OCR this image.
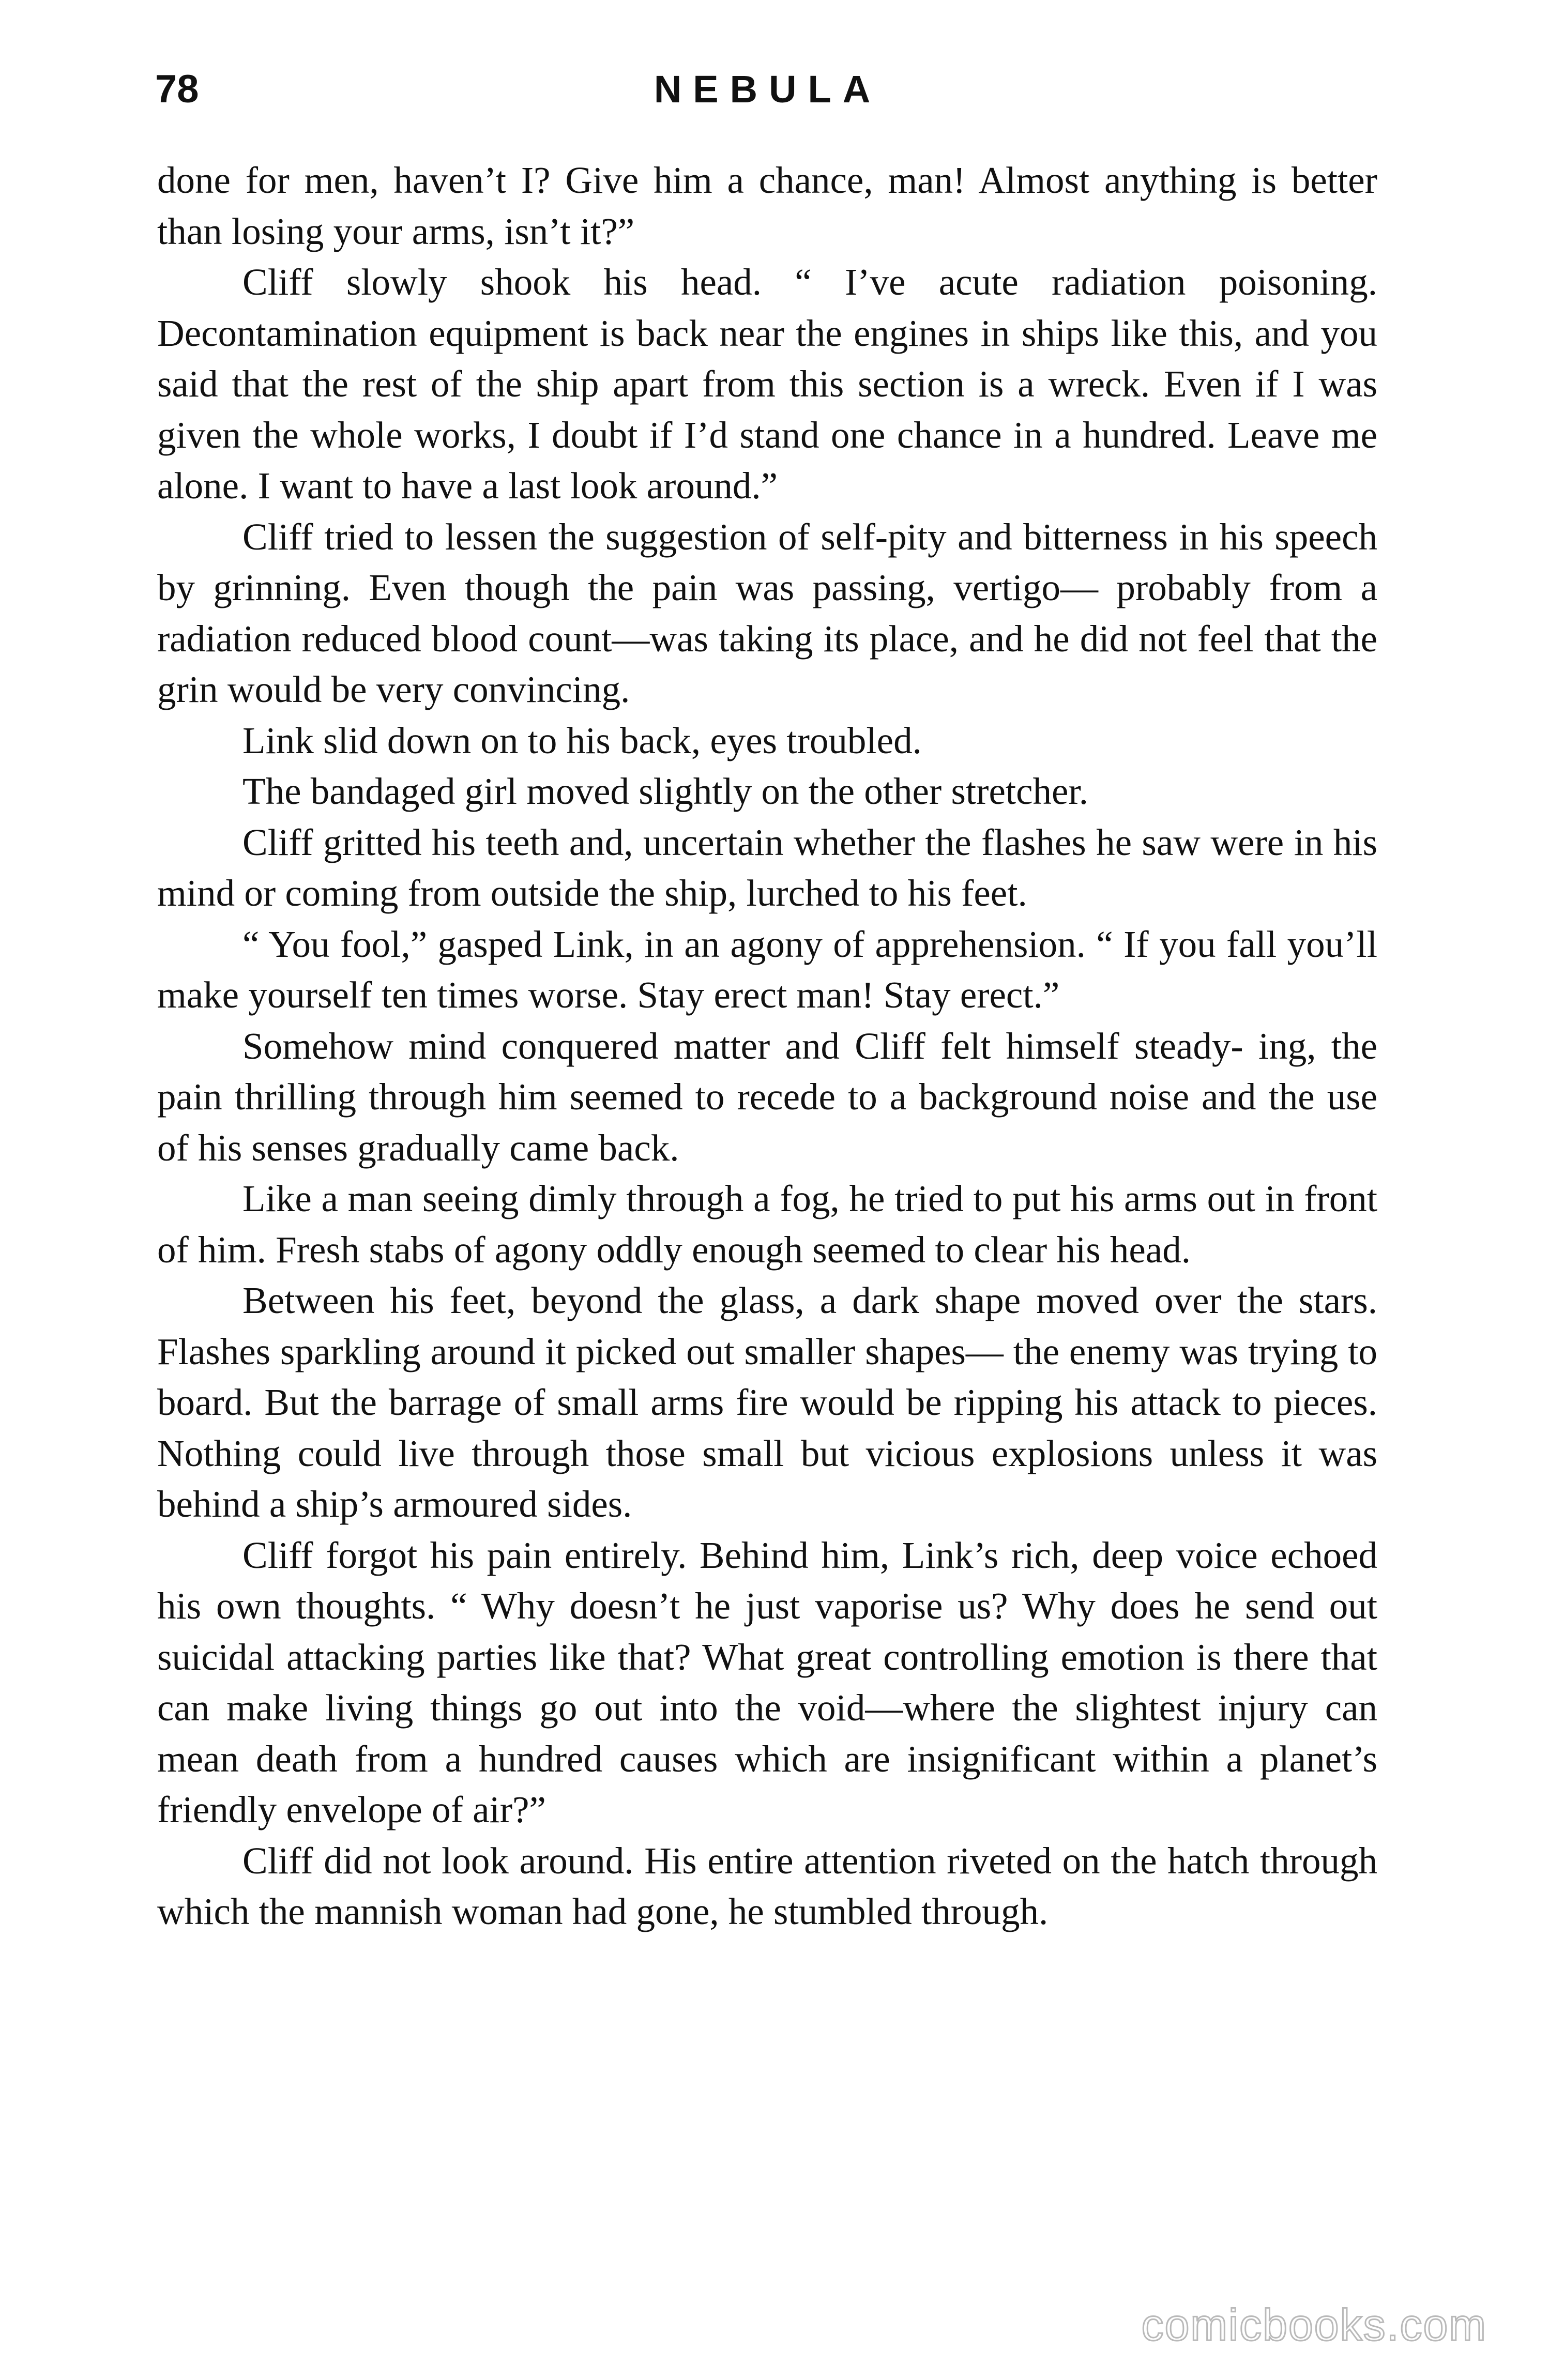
78	NEBULA

done for men, haven’t I? Give him a chance, man! Almost anything is better than losing your arms, isn’t it?”

Cliff slowly shook his head. “ I’ve acute radiation poisoning. Decontamination equipment is back near the engines in ships like this, and you said that the rest of the ship apart from this section is a wreck. Even if I was given the whole works, I doubt if I’d stand one chance in a hundred. Leave me alone. I want to have a last look around.”

Cliff tried to lessen the suggestion of self-pity and bitterness in his speech by grinning. Even though the pain was passing, vertigo— probably from a radiation reduced blood count—was taking its place, and he did not feel that the grin would be very convincing.

Link slid down on to his back, eyes troubled.

The bandaged girl moved slightly on the other stretcher.

Cliff gritted his teeth and, uncertain whether the flashes he saw were in his mind or coming from outside the ship, lurched to his feet.

“ You fool,” gasped Link, in an agony of apprehension. “ If you fall you’ll make yourself ten times worse. Stay erect man! Stay erect.”

Somehow mind conquered matter and Cliff felt himself steady- ing, the pain thrilling through him seemed to recede to a background noise and the use of his senses gradually came back.

Like a man seeing dimly through a fog, he tried to put his arms out in front of him. Fresh stabs of agony oddly enough seemed to clear his head.

Between his feet, beyond the glass, a dark shape moved over the stars. Flashes sparkling around it picked out smaller shapes— the enemy was trying to board. But the barrage of small arms fire would be ripping his attack to pieces. Nothing could live through those small but vicious explosions unless it was behind a ship’s armoured sides.

Cliff forgot his pain entirely. Behind him, Link’s rich, deep voice echoed his own thoughts. “ Why doesn’t he just vaporise us? Why does he send out suicidal attacking parties like that? What great controlling emotion is there that can make living things go out into the void—where the slightest injury can mean death from a hundred causes which are insignificant within a planet’s friendly envelope of air?”

Cliff did not look around. His entire attention riveted on the hatch through which the mannish woman had gone, he stumbled through.

comicbooks.com
